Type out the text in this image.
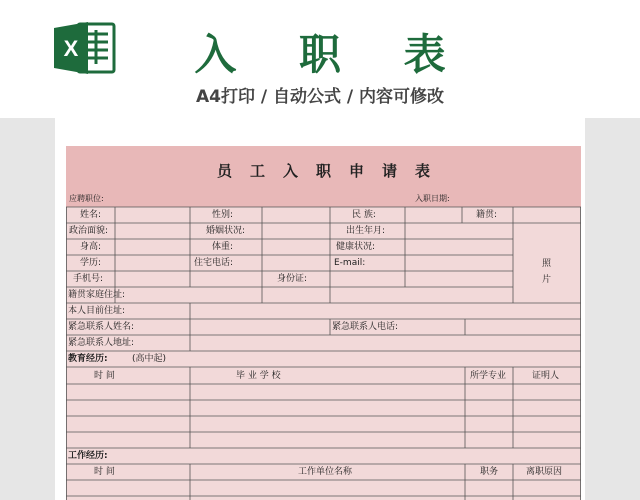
X	入 职 表
A4打印 / 自动公式 / 内容可修改
员工入职申请表
应聘职位:	入职日期:
姓名:	性别:	民 族:	籍贯:
政治面貌:	婚姻状况:	出生年月:
身高:	体重:	健康状况:
学历:	住宅电话:	E-mail:
手机号:	身份证:
照
片
籍贯家庭住址:
本人目前住址:
紧急联系人姓名:	紧急联系人电话:
紧急联系人地址:
教育经历:	(高中起)
时 间	毕 业 学 校	所学专业	证明人
工作经历:
时 间	工作单位名称	职务	离职原因
